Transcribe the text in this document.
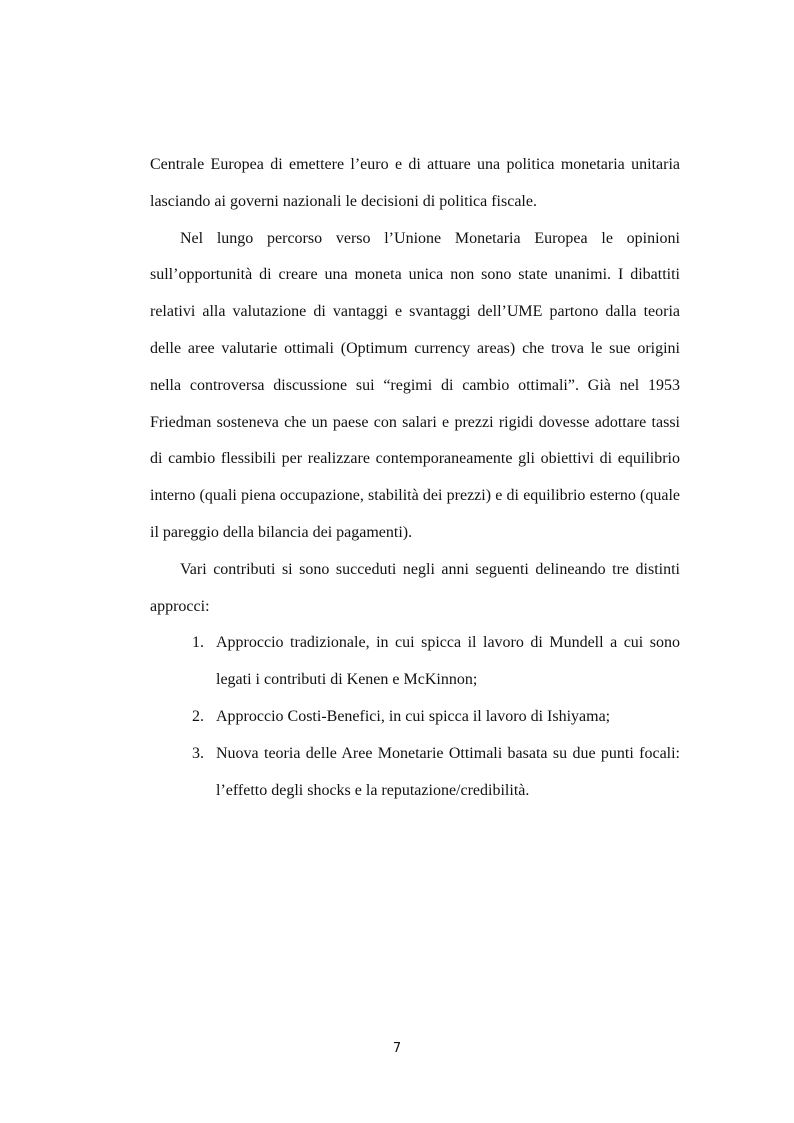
Centrale Europea di emettere l’euro e di attuare una politica monetaria unitaria lasciando ai governi nazionali le decisioni di politica fiscale.

Nel lungo percorso verso l’Unione Monetaria Europea le opinioni sull’opportunità di creare una moneta unica non sono state unanimi. I dibattiti relativi alla valutazione di vantaggi e svantaggi dell’UME partono dalla teoria delle aree valutarie ottimali (Optimum currency areas) che trova le sue origini nella controversa discussione sui “regimi di cambio ottimali”. Già nel 1953 Friedman sosteneva che un paese con salari e prezzi rigidi dovesse adottare tassi di cambio flessibili per realizzare contemporaneamente gli obiettivi di equilibrio interno (quali piena occupazione, stabilità dei prezzi) e di equilibrio esterno (quale il pareggio della bilancia dei pagamenti).

Vari contributi si sono succeduti negli anni seguenti delineando tre distinti approcci:

1. Approccio tradizionale, in cui spicca il lavoro di Mundell a cui sono legati i contributi di Kenen e McKinnon;
2. Approccio Costi-Benefici, in cui spicca il lavoro di Ishiyama;
3. Nuova teoria delle Aree Monetarie Ottimali basata su due punti focali: l’effetto degli shocks e la reputazione/credibilità.
7
